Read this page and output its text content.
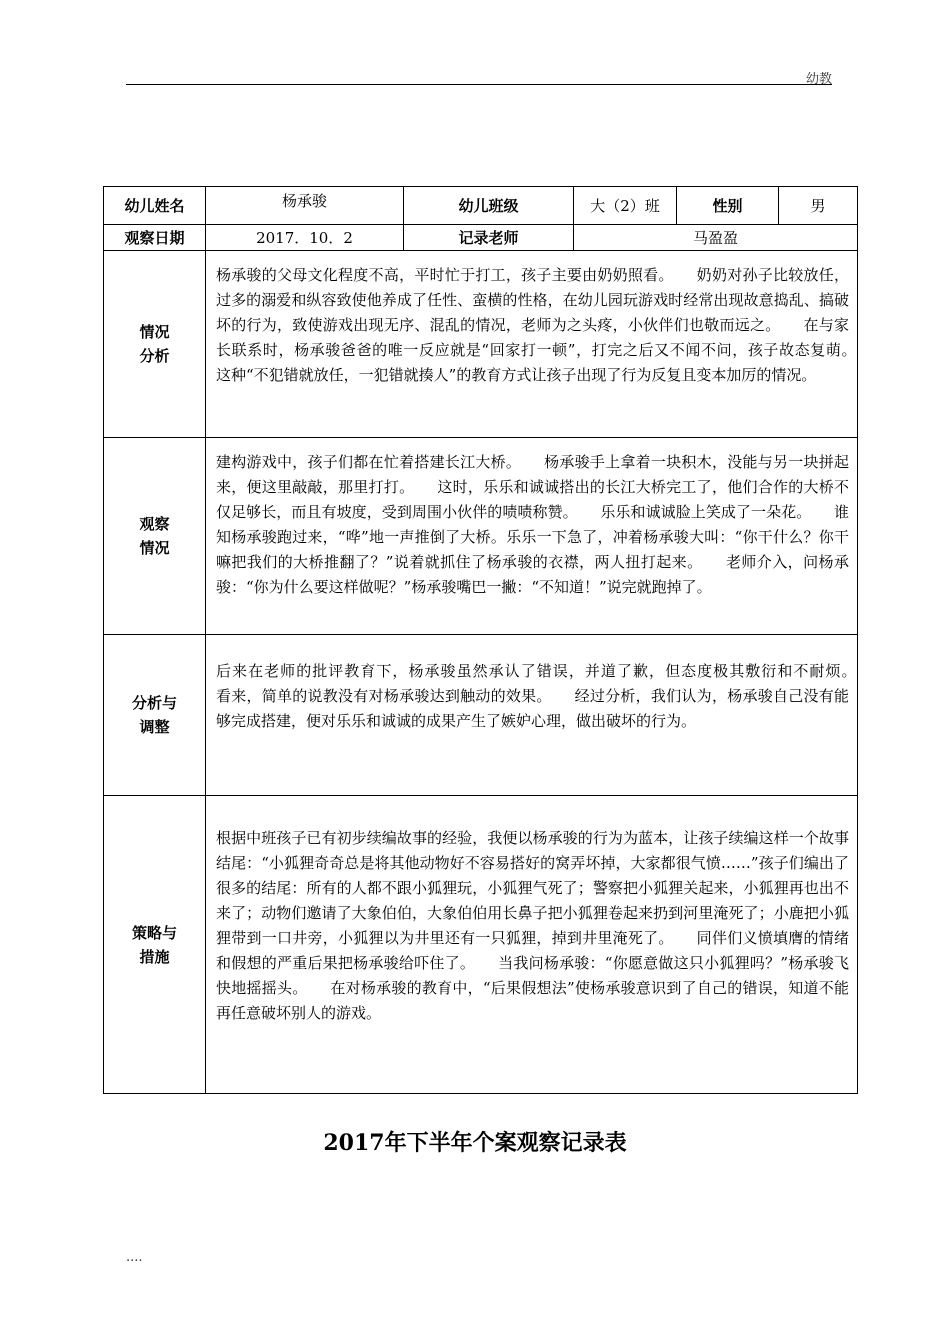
幼教
幼儿姓名	杨承骏	幼儿班级	大（2）班	性别	男
观察日期	2017．10．2	记录老师	马盈盈		

情况
分析	杨承骏的父母文化程度不高，平时忙于打工，孩子主要由奶奶照看。　　奶奶对孙子比较放任，过多的溺爱和纵容致使他养成了任性、蛮横的性格，在幼儿园玩游戏时经常出现故意捣乱、搞破坏的行为，致使游戏出现无序、混乱的情况，老师为之头疼，小伙伴们也敬而远之。　　在与家长联系时，杨承骏爸爸的唯一反应就是“回家打一顿”，打完之后又不闻不问，孩子故态复萌。　　这种“不犯错就放任，一犯错就揍人”的教育方式让孩子出现了行为反复且变本加厉的情况。				

观察
情况	建构游戏中，孩子们都在忙着搭建长江大桥。　　杨承骏手上拿着一块积木，没能与另一块拼起来，便这里敲敲，那里打打。　　这时，乐乐和诚诚搭出的长江大桥完工了，他们合作的大桥不仅足够长，而且有坡度，受到周围小伙伴的啧啧称赞。　　乐乐和诚诚脸上笑成了一朵花。　　谁知杨承骏跑过来，“哗”地一声推倒了大桥。乐乐一下急了，冲着杨承骏大叫：“你干什么？你干嘛把我们的大桥推翻了？”说着就抓住了杨承骏的衣襟，两人扭打起来。　　老师介入，问杨承骏：“你为什么要这样做呢？”杨承骏嘴巴一撇：“不知道！”说完就跑掉了。				

分析与
调整	后来在老师的批评教育下，杨承骏虽然承认了错误，并道了歉，但态度极其敷衍和不耐烦。　　看来，简单的说教没有对杨承骏达到触动的效果。　　经过分析，我们认为，杨承骏自己没有能够完成搭建，便对乐乐和诚诚的成果产生了嫉妒心理，做出破坏的行为。				

策略与
措施	根据中班孩子已有初步续编故事的经验，我便以杨承骏的行为为蓝本，让孩子续编这样一个故事结尾：“小狐狸奇奇总是将其他动物好不容易搭好的窝弄坏掉，大家都很气愤……”孩子们编出了很多的结尾：所有的人都不跟小狐狸玩，小狐狸气死了；警察把小狐狸关起来，小狐狸再也出不来了；动物们邀请了大象伯伯，大象伯伯用长鼻子把小狐狸卷起来扔到河里淹死了；小鹿把小狐狸带到一口井旁，小狐狸以为井里还有一只狐狸，掉到井里淹死了。　　同伴们义愤填膺的情绪和假想的严重后果把杨承骏给吓住了。　　当我问杨承骏：“你愿意做这只小狐狸吗？”杨承骏飞快地摇摇头。　　在对杨承骏的教育中，“后果假想法”使杨承骏意识到了自己的错误，知道不能再任意破坏别人的游戏。				
2017年下半年个案观察记录表
....
